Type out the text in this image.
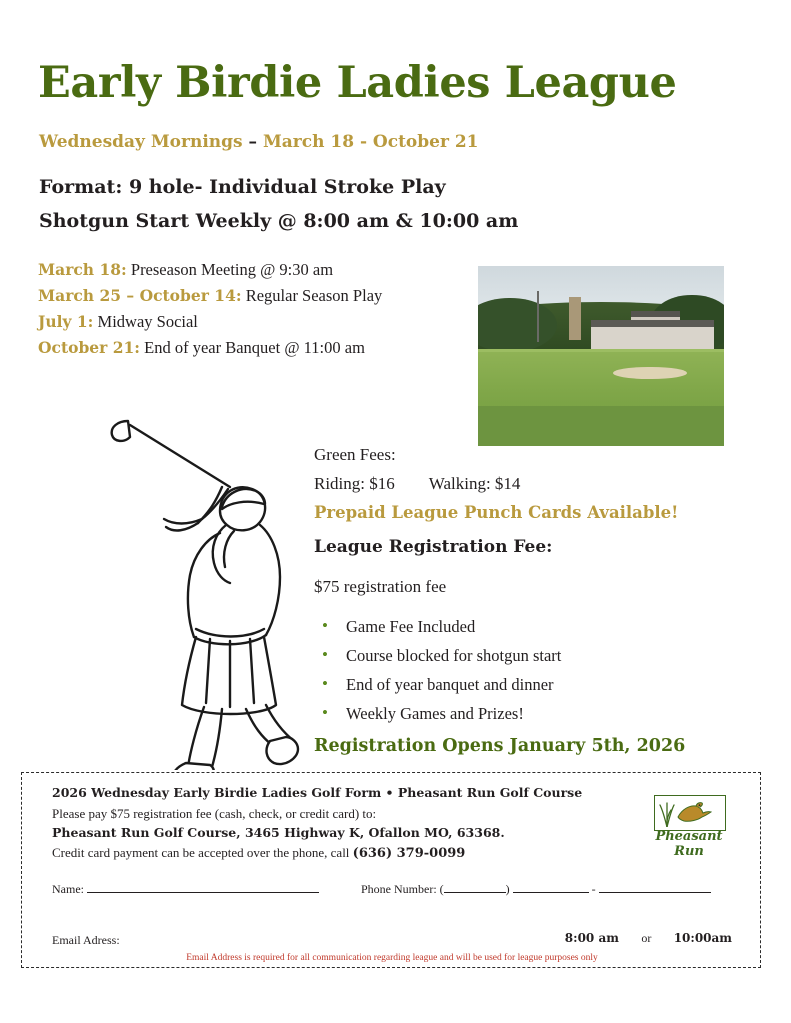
Early Birdie Ladies League
Wednesday Mornings – March 18 - October 21
Format: 9 hole- Individual Stroke Play
Shotgun Start Weekly @ 8:00 am & 10:00 am
March 18: Preseason Meeting @ 9:30 am
March 25 – October 14: Regular Season Play
July 1: Midway Social
October 21: End of year Banquet @ 11:00 am
Green Fees:
Riding: $16 Walking: $14
Prepaid League Punch Cards Available!
League Registration Fee:
$75 registration fee
• Game Fee Included
• Course blocked for shotgun start
• End of year banquet and dinner
• Weekly Games and Prizes!
Registration Opens January 5th, 2026
2026 Wednesday Early Birdie Ladies Golf Form • Pheasant Run Golf Course
Please pay $75 registration fee (cash, check, or credit card) to:
Pheasant Run Golf Course, 3465 Highway K, Ofallon MO, 63368.
Credit card payment can be accepted over the phone, call (636) 379-0099
Pheasant
Run
Name:	Phone Number: (	)	-
Email Adress:	8:00 am or 10:00am
Email Address is required for all communication regarding league and will be used for league purposes only
